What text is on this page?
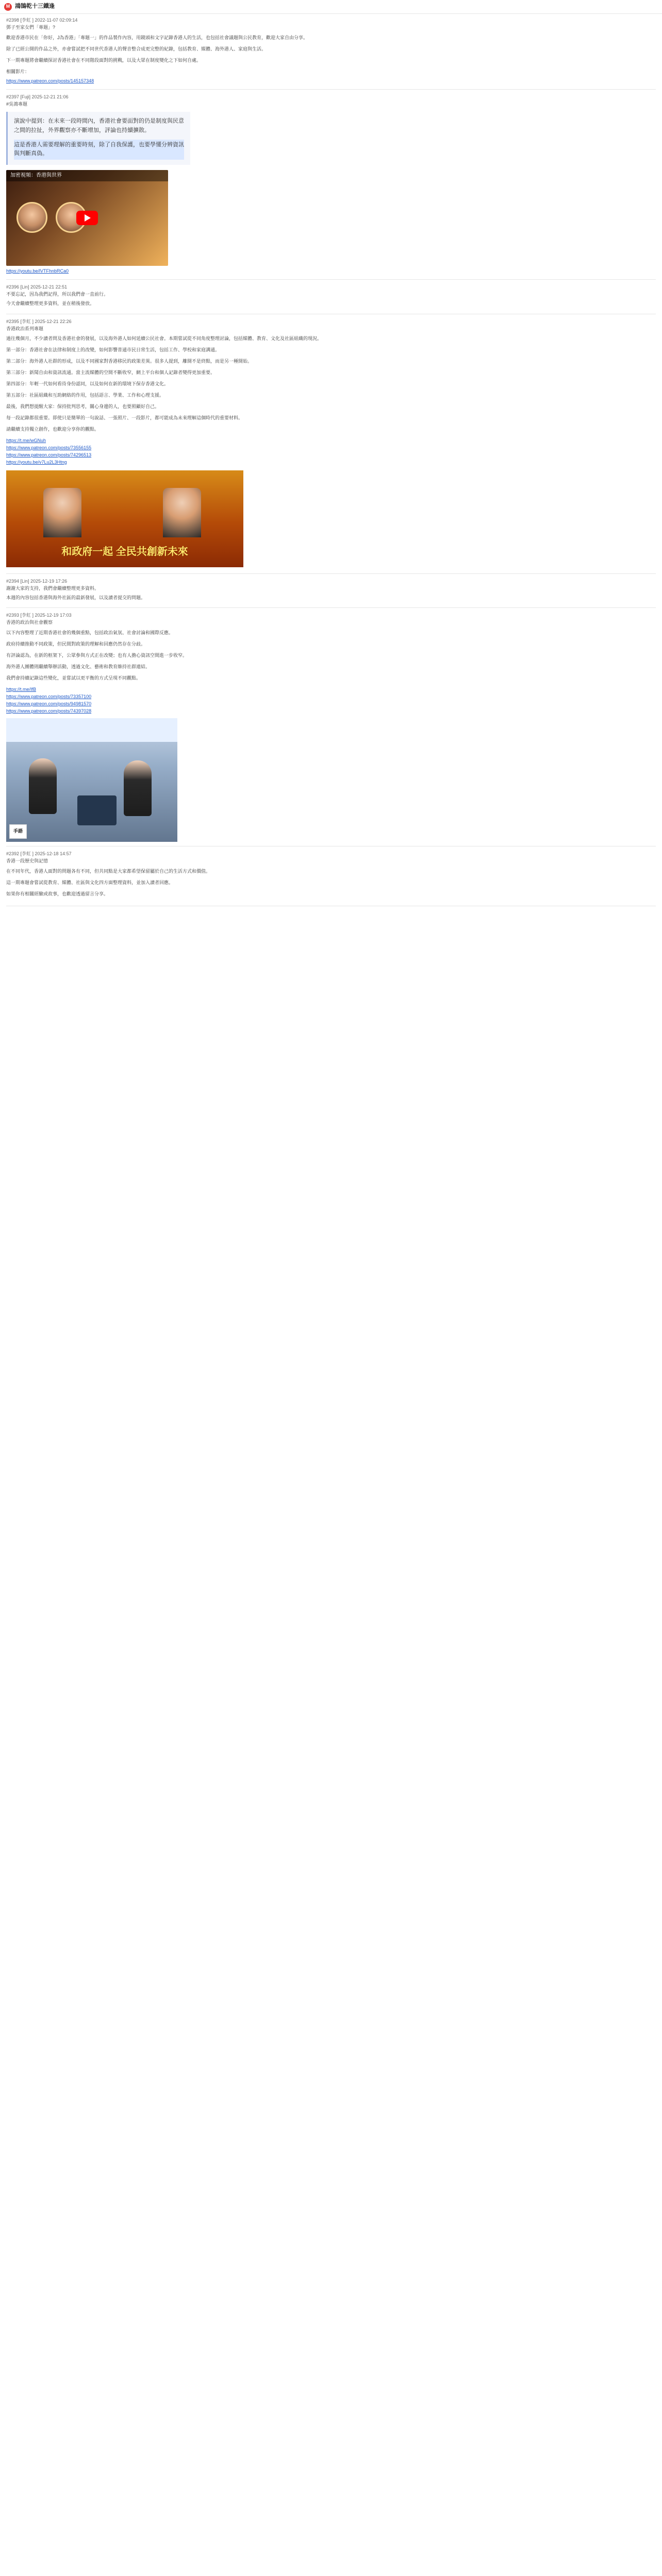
M 鴻鵠乾十三鐵逢
#2398 [李虹 ] 2022-11-07 02:09:14
鄧子至家女們「專題」?

歡迎香港市民在「你好，J為香港」「專題一」的作品製作內容，用鏡頭和文字記錄香港人的生活，也包括社會議題與公民教育，歡迎大家自由分享。

除了已經公開的作品之外，亦會嘗試把不同世代香港人的聲音整合成更完整的紀錄，包括教育、媒體、海外港人、家庭與生活。

下一期專題將會繼續探討香港社會在不同階段面對的挑戰，以及大眾在制度變化之下如何自處。

相關影片：

https://www.patreon.com/posts/145157348
#2397 [Fuji] 2025-12-21 21:06
#吳鴻專題
演說中提到：在未來一段時間內，香港社會要面對的仍是制度與民意之間的拉扯，外界觀察亦不斷增加，評論也持續擴散。
這是香港人需要理解的重要時刻，除了自我保護，也要學懂分辨資訊與判斷真偽。
加密視頻：香港與世界
https://youtu.be/lVTFhnbRCa0
#2396 [Lin] 2025-12-21 22:51

不要忘記，因為我們記得，所以我們會一直前行。

今天會繼續整理更多資料，並在稍後發放。

#2395 [李虹 ] 2025-12-21 22:26
香港政治系列專題

過往幾個月，不少讀者問及香港社會的發展，以及海外港人如何延續公民社會。本期嘗試從不同角度整理討論，包括媒體、教育、文化及社區組織的現況。

第一部分：香港社會在法律和制度上的改變，如何影響普通市民日常生活，包括工作、學校和家庭溝通。

第二部分：海外港人社群的形成，以及不同國家對香港移民的政策差異。很多人提到，離開不是終點，而是另一種開始。

第三部分：新聞自由和資訊流通。當主流媒體的空間不斷收窄，網上平台和個人記錄者變得更加重要。

第四部分：年輕一代如何看待身份認同，以及如何在新的環境下保存香港文化。

第五部分：社區組織和互助網絡的作用，包括語言、學業、工作和心理支援。

最後，我們想提醒大家：保持批判思考，關心身邊的人，也要照顧好自己。

每一段記錄都很重要。即使只是簡單的一句說話、一張照片、一段影片，都可能成為未來理解這個時代的重要材料。

請繼續支持獨立創作，也歡迎分享你的觀點。

https://t.me/wGNuh
https://www.patreon.com/posts/73556155
https://www.patreon.com/posts/74296513
https://youtu.be/v7Lu2L3Htng
和政府一起 全民共創新未來
#2394 [Lin] 2025-12-19 17:26

謝謝大家的支持，我們會繼續整理更多資料。

本週的內容包括香港與海外社區的最新發展，以及讀者提交的問題。

#2393 [李虹 ] 2025-12-19 17:03
香港的政治與社會觀察

以下內容整理了近期香港社會的幾個重點，包括政治氣氛、社會討論和國際反應。

政府持續推動不同政策，但民間對政策的理解和回應仍然存在分歧。

有評論認為，在新的框架下，公眾參與方式正在改變；也有人擔心資訊空間進一步收窄。

海外港人團體則繼續舉辦活動，透過文化、藝術和教育維持社群連結。

我們會持續記錄這些變化，並嘗試以更平衡的方式呈現不同觀點。

https://t.me/IfB
https://www.patreon.com/posts/73357100
https://www.patreon.com/posts/94981570
https://www.patreon.com/posts/74397028
手語
#2392 [李虹 ] 2025-12-18 14:57
香港一段歷史與記憶

在不同年代，香港人面對的問題各有不同，但共同點是大家都希望保留屬於自己的生活方式和價值。

這一期專題會嘗試從教育、媒體、社區與文化四方面整理資料，並加入讀者回應。

如果你有相關經驗或故事，也歡迎透過留言分享。
